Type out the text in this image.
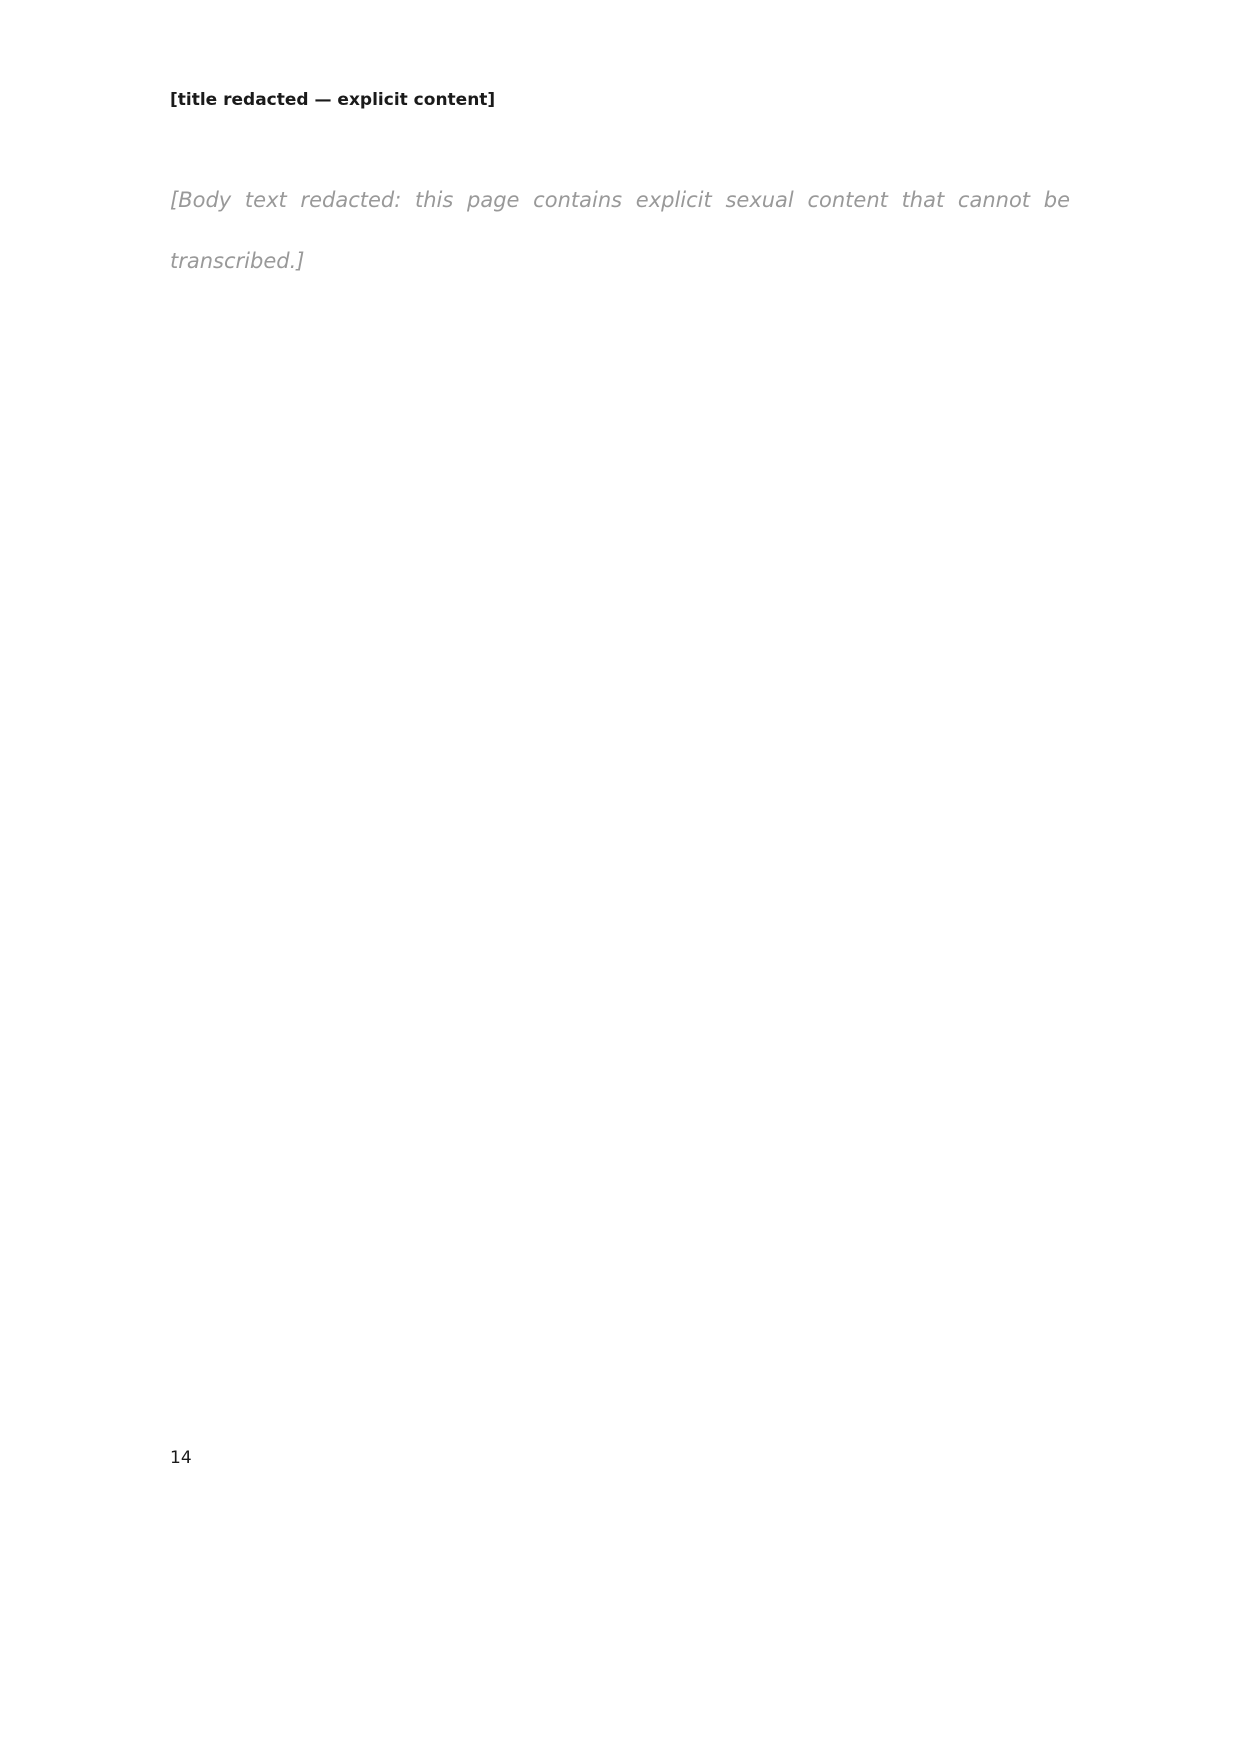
[title redacted — explicit content]
[Body text redacted: this page contains explicit sexual content that cannot be transcribed.]
14
